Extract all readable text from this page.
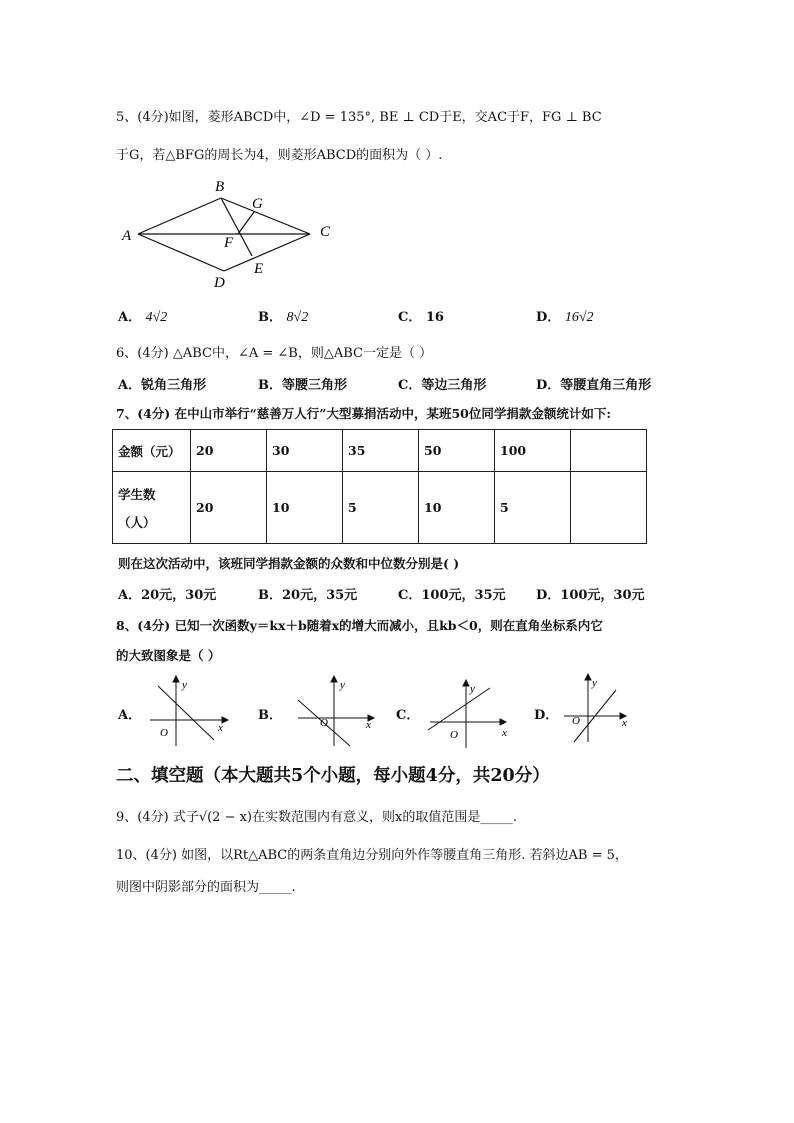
5、(4分)如图，菱形ABCD中，∠D = 135°, BE ⊥ CD于E，交AC于F，FG ⊥ BC
于G，若△BFG的周长为4，则菱形ABCD的面积为（ ）.
A
B
G
C
F
E
D
A． 4√2	B． 8√2	C． 16	D． 16√2
6、(4分) △ABC中，∠A = ∠B，则△ABC一定是（ ）
A．锐角三角形	B．等腰三角形	C．等边三角形	D．等腰直角三角形
7、(4分) 在中山市举行“慈善万人行”大型募捐活动中，某班50位同学捐款金额统计如下:
金额（元）	20	30	35	50	100	

学生数
（人）	20	10	5	10	5	
则在这次活动中，该班同学捐款金额的众数和中位数分别是( )
A．20元，30元	B．20元，35元	C．100元，35元 D．100元，30元
8、(4分) 已知一次函数y＝kx＋b随着x的增大而减小，且kb＜0，则在直角坐标系内它
的大致图象是（ ）
A．
y
x
O
B．
y
x
O	C．
y
x
O
D．
y
x
O
二、填空题（本大题共5个小题，每小题4分，共20分）
9、(4分) 式子√(2 − x)在实数范围内有意义，则x的取值范围是_____.
10、(4分) 如图，以Rt△ABC的两条直角边分别向外作等腰直角三角形. 若斜边AB = 5，
则图中阴影部分的面积为_____.
